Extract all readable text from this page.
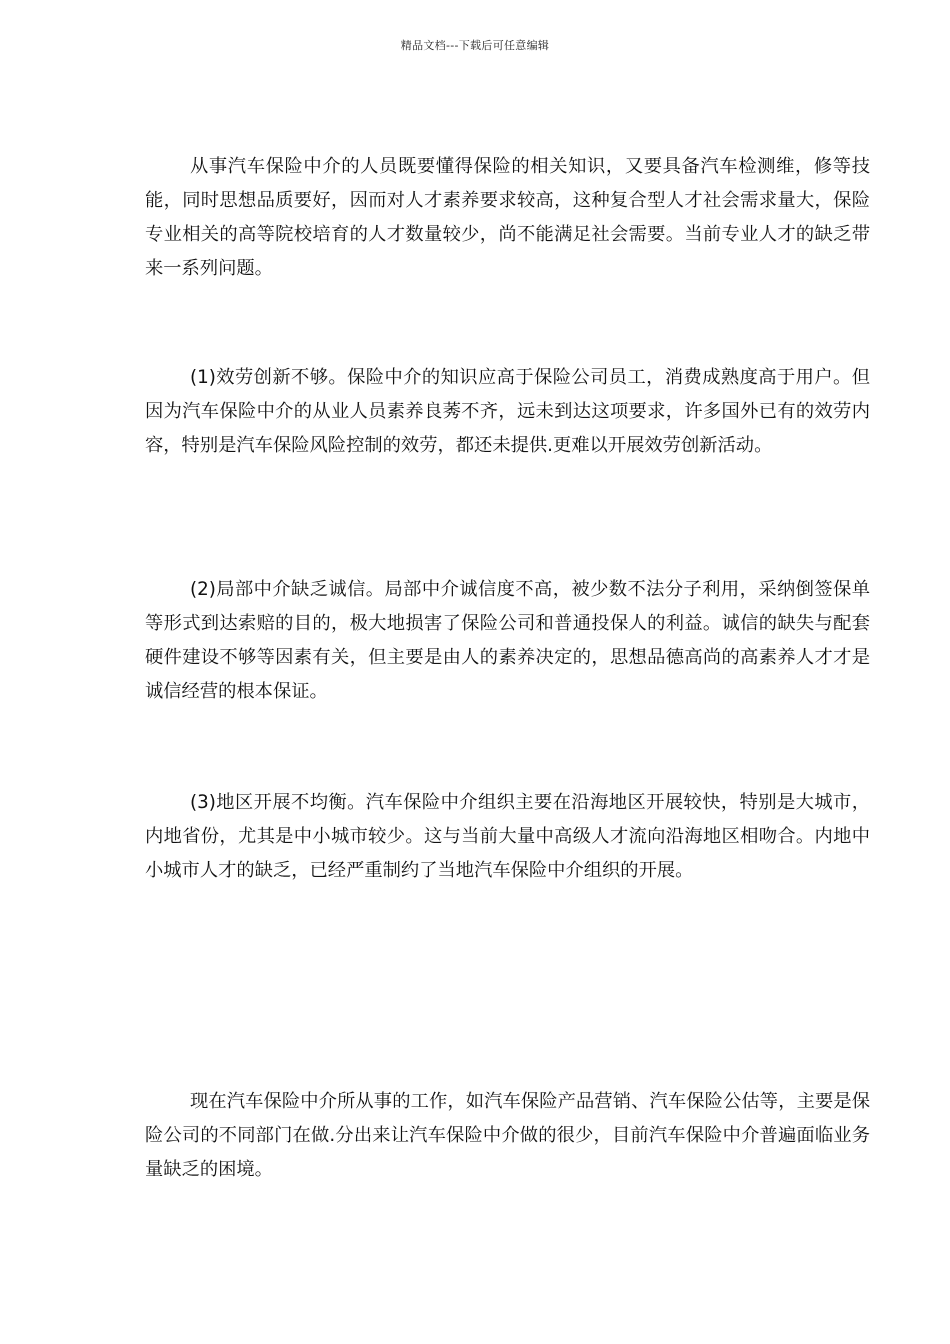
精品文档---下载后可任意编辑

从事汽车保险中介的人员既要懂得保险的相关知识，又要具备汽车检测维，修等技能，同时思想品质要好，因而对人才素养要求较高，这种复合型人才社会需求量大，保险专业相关的高等院校培育的人才数量较少，尚不能满足社会需要。当前专业人才的缺乏带来一系列问题。

(1)效劳创新不够。保险中介的知识应高于保险公司员工，消费成熟度高于用户。但因为汽车保险中介的从业人员素养良莠不齐，远未到达这项要求，许多国外已有的效劳内容，特别是汽车保险风险控制的效劳，都还未提供.更难以开展效劳创新活动。

(2)局部中介缺乏诚信。局部中介诚信度不高，被少数不法分子利用，采纳倒签保单等形式到达索赔的目的，极大地损害了保险公司和普通投保人的利益。诚信的缺失与配套硬件建设不够等因素有关，但主要是由人的素养决定的，思想品德高尚的高素养人才才是诚信经营的根本保证。

(3)地区开展不均衡。汽车保险中介组织主要在沿海地区开展较快，特别是大城市，内地省份，尤其是中小城市较少。这与当前大量中高级人才流向沿海地区相吻合。内地中小城市人才的缺乏，已经严重制约了当地汽车保险中介组织的开展。

现在汽车保险中介所从事的工作，如汽车保险产品营销、汽车保险公估等，主要是保险公司的不同部门在做.分出来让汽车保险中介做的很少，目前汽车保险中介普遍面临业务量缺乏的困境。
